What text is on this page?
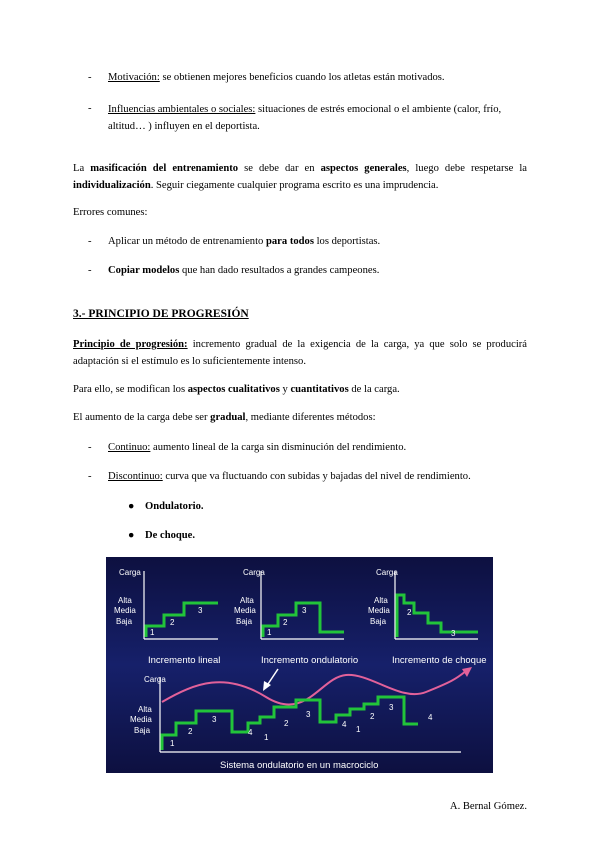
- Motivación: se obtienen mejores beneficios cuando los atletas están motivados.
- Influencias ambientales o sociales: situaciones de estrés emocional o el ambiente (calor, frío, altitud… ) influyen en el deportista.
La masificación del entrenamiento se debe dar en aspectos generales, luego debe respetarse la individualización. Seguir ciegamente cualquier programa escrito es una imprudencia.
Errores comunes:
- Aplicar un método de entrenamiento para todos los deportistas.
- Copiar modelos que han dado resultados a grandes campeones.
3.- PRINCIPIO DE PROGRESIÓN
Principio de progresión: incremento gradual de la exigencia de la carga, ya que solo se producirá adaptación si el estímulo es lo suficientemente intenso.
Para ello, se modifican los aspectos cualitativos y cuantitativos de la carga.
El aumento de la carga debe ser gradual, mediante diferentes métodos:
- Continuo: aumento lineal de la carga sin disminución del rendimiento.
- Discontinuo: curva que va fluctuando con subidas y bajadas del nivel de rendimiento.
● Ondulatorio.
● De choque.
Carga
Alta
Media
Baja
1
2
3
Incremento lineal
Carga
Alta
Media
Baja
1
2
3
Incremento ondulatorio
Carga
Alta
Media
Baja
2
3
Incremento de choque
Carga
Alta
Media
Baja
1
2
3
4
1
2
3
4
1
2
3
4
Sistema ondulatorio en un macrociclo
A. Bernal Gómez.
